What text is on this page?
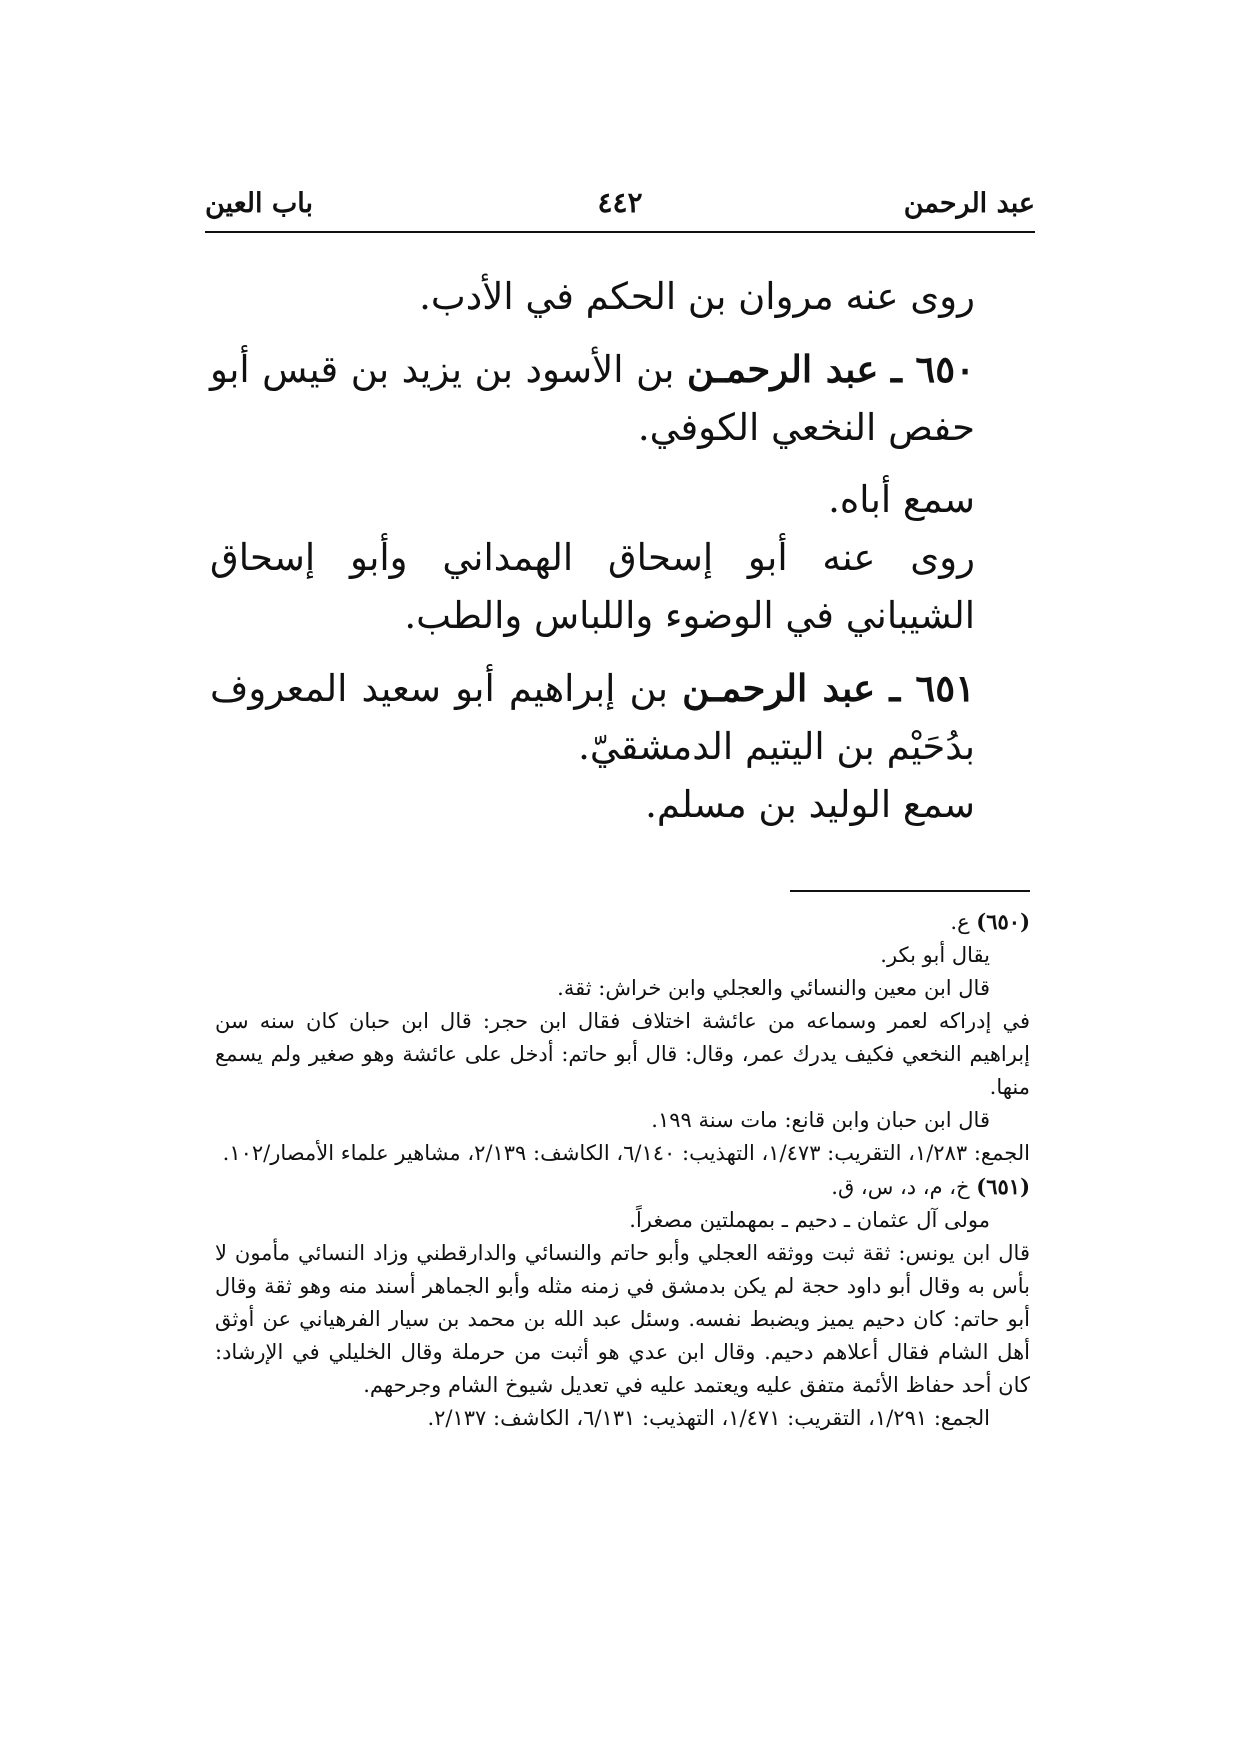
عبد الرحمن
٤٤٢
باب العين

روى عنه مروان بن الحكم في الأدب.

٦٥٠ ـ عبد الرحمـن بن الأسود بن يزيد بن قيس أبو حفص النخعي الكوفي.

سمع أباه.

روى عنه أبو إسحاق الهمداني وأبو إسحاق الشيباني في الوضوء واللباس والطب.

٦٥١ ـ عبد الرحمـن بن إبراهيم أبو سعيد المعروف بدُحَيْم بن اليتيم الدمشقيّ.

سمع الوليد بن مسلم.

(٦٥٠) ع.

يقال أبو بكر.

قال ابن معين والنسائي والعجلي وابن خراش: ثقة.

في إدراكه لعمر وسماعه من عائشة اختلاف فقال ابن حجر: قال ابن حبان كان سنه سن إبراهيم النخعي فكيف يدرك عمر، وقال: قال أبو حاتم: أدخل على عائشة وهو صغير ولم يسمع منها.

قال ابن حبان وابن قانع: مات سنة ١٩٩.

الجمع: ١/٢٨٣، التقريب: ١/٤٧٣، التهذيب: ٦/١٤٠، الكاشف: ٢/١٣٩، مشاهير علماء الأمصار/١٠٢.

(٦٥١) خ، م، د، س، ق.

مولى آل عثمان ـ دحيم ـ بمهملتين مصغراً.

قال ابن يونس: ثقة ثبت ووثقه العجلي وأبو حاتم والنسائي والدارقطني وزاد النسائي مأمون لا بأس به وقال أبو داود حجة لم يكن بدمشق في زمنه مثله وأبو الجماهر أسند منه وهو ثقة وقال أبو حاتم: كان دحيم يميز ويضبط نفسه. وسئل عبد الله بن محمد بن سيار الفرهياني عن أوثق أهل الشام فقال أعلاهم دحيم. وقال ابن عدي هو أثبت من حرملة وقال الخليلي في الإرشاد: كان أحد حفاظ الأئمة متفق عليه ويعتمد عليه في تعديل شيوخ الشام وجرحهم.

الجمع: ١/٢٩١، التقريب: ١/٤٧١، التهذيب: ٦/١٣١، الكاشف: ٢/١٣٧.
